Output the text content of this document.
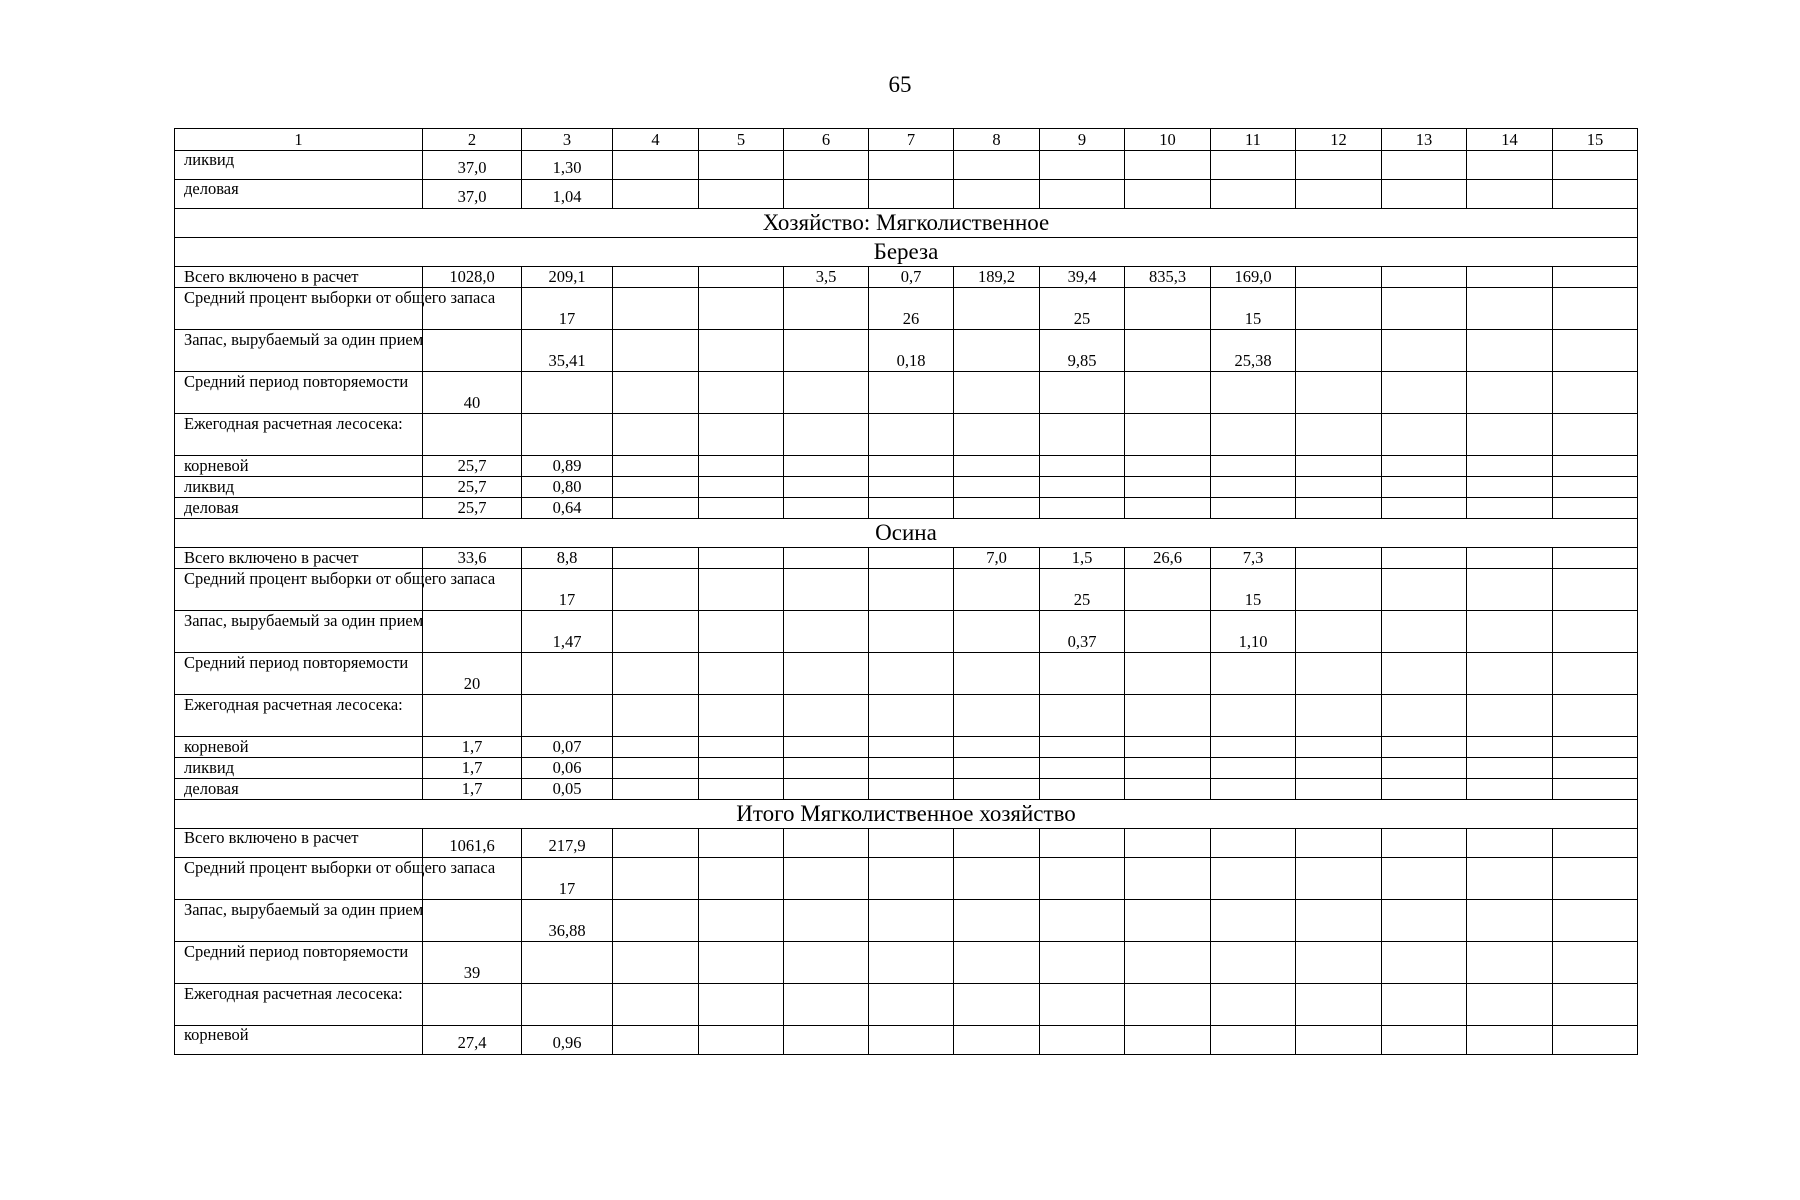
65
1	2	3	4	5	6	7	8	9	10	11	12	13	14	15
ликвид	37,0	1,30												
деловая	37,0	1,04												
Хозяйство: Мягколиственное														
Береза														
Всего включено в расчет	1028,0	209,1			3,5	0,7	189,2	39,4	835,3	169,0				
Средний процент выборки от общего запаса		17				26		25		15				
Запас, вырубаемый за один прием		35,41				0,18		9,85		25,38				
Средний период повторяемости	40													
Ежегодная расчетная лесосека:														
корневой	25,7	0,89												
ликвид	25,7	0,80												
деловая	25,7	0,64												
Осина														
Всего включено в расчет	33,6	8,8					7,0	1,5	26,6	7,3				
Средний процент выборки от общего запаса		17						25		15				
Запас, вырубаемый за один прием		1,47						0,37		1,10				
Средний период повторяемости	20													
Ежегодная расчетная лесосека:														
корневой	1,7	0,07												
ликвид	1,7	0,06												
деловая	1,7	0,05												
Итого Мягколиственное хозяйство														
Всего включено в расчет	1061,6	217,9												
Средний процент выборки от общего запаса		17												
Запас, вырубаемый за один прием		36,88												
Средний период повторяемости	39													
Ежегодная расчетная лесосека:														
корневой	27,4	0,96												
